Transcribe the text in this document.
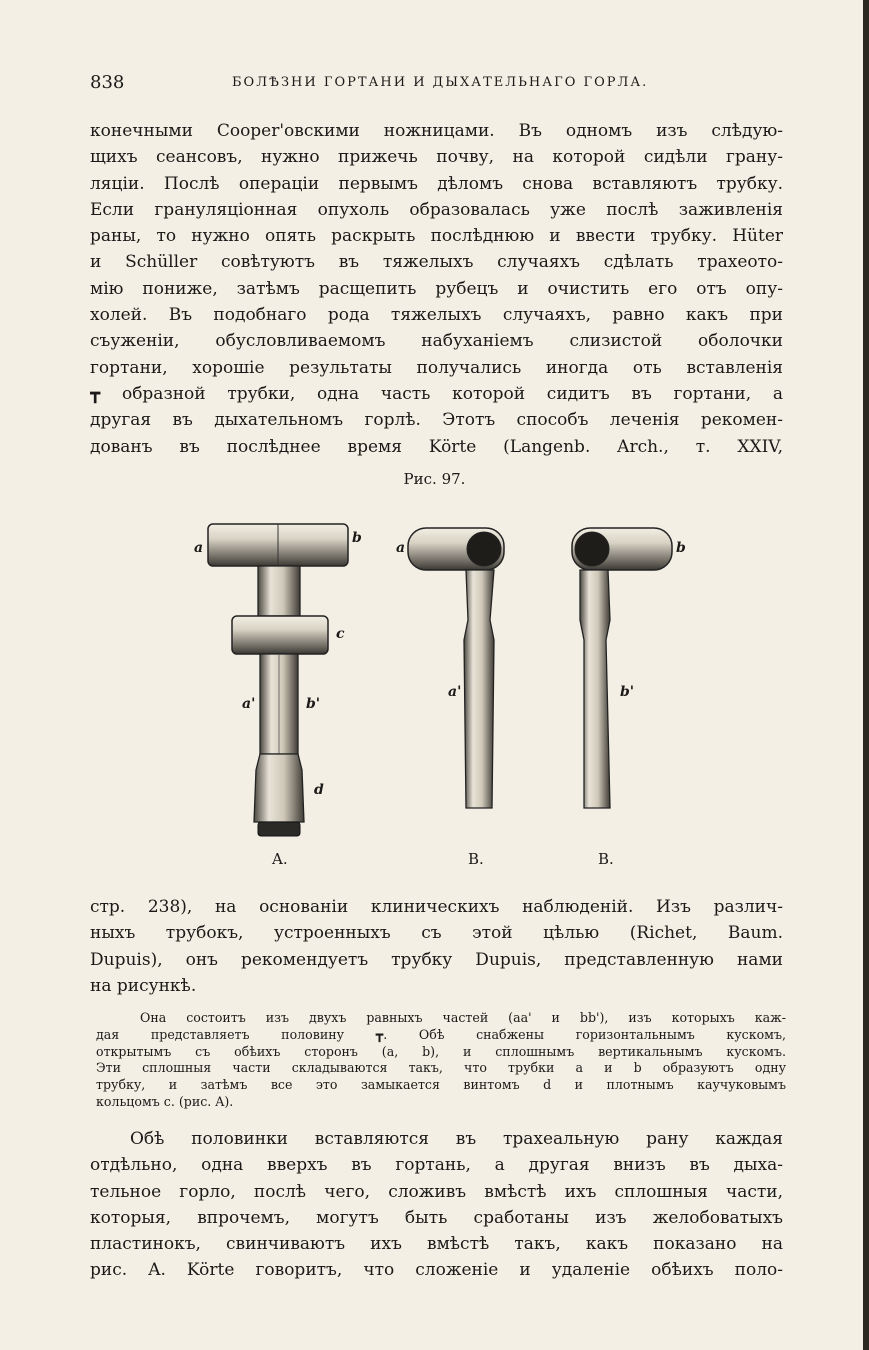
838	БОЛѢЗНИ ГОРТАНИ И ДЫХАТЕЛЬНАГО ГОРЛА.
конечными Cooper'овскими ножницами. Въ одномъ изъ слѣдую-
щихъ сеансовъ, нужно прижечь почву, на которой сидѣли грану-
ляціи. Послѣ операціи первымъ дѣломъ снова вставляютъ трубку.
Если грануляціонная опухоль образовалась уже послѣ заживленія
раны, то нужно опять раскрыть послѣднюю и ввести трубку. Hüter
и Schüller совѣтуютъ въ тяжелыхъ случаяхъ сдѣлать трахеото-
мію пониже, затѣмъ расщепить рубецъ и очистить его отъ опу-
холей. Въ подобнаго рода тяжелыхъ случаяхъ, равно какъ при
съуженіи, обусловливаемомъ набуханіемъ слизистой оболочки
гортани, хорошіе результаты получались иногда оть вставленія
┳ образной трубки, одна часть которой сидитъ въ гортани, а
другая въ дыхательномъ горлѣ. Этотъ способъ леченія рекомен-
дованъ въ послѣднее время Körte (Langenb. Arch., т. XXIV,
Рис. 97.
a
b
c
a'	b'
d
a
a'
b
b'
A.	B.	B.
стр. 238), на основаніи клиническихъ наблюденій. Изъ различ-
ныхъ трубокъ, устроенныхъ съ этой цѣлью (Richet, Baum.
Dupuis), онъ рекомендуетъ трубку Dupuis, представленную нами
на рисункѣ.
Она состоитъ изъ двухъ равныхъ частей (aa' и bb'), изъ которыхъ каж-
дая представляетъ половину ┳. Обѣ снабжены горизонтальнымъ кускомъ,
открытымъ съ обѣихъ сторонъ (a, b), и сплошнымъ вертикальнымъ кускомъ.
Эти сплошныя части складываются такъ, что трубки a и b образуютъ одну
трубку, и затѣмъ все это замыкается винтомъ d и плотнымъ каучуковымъ
кольцомъ c. (рис. A).
Обѣ половинки вставляются въ трахеальную рану каждая
отдѣльно, одна вверхъ въ гортань, а другая внизъ въ дыха-
тельное горло, послѣ чего, сложивъ вмѣстѣ ихъ сплошныя части,
которыя, впрочемъ, могутъ быть сработаны изъ желобоватыхъ
пластинокъ, свинчиваютъ ихъ вмѣстѣ такъ, какъ показано на
рис. A. Körte говоритъ, что сложеніе и удаленіе обѣихъ поло-
